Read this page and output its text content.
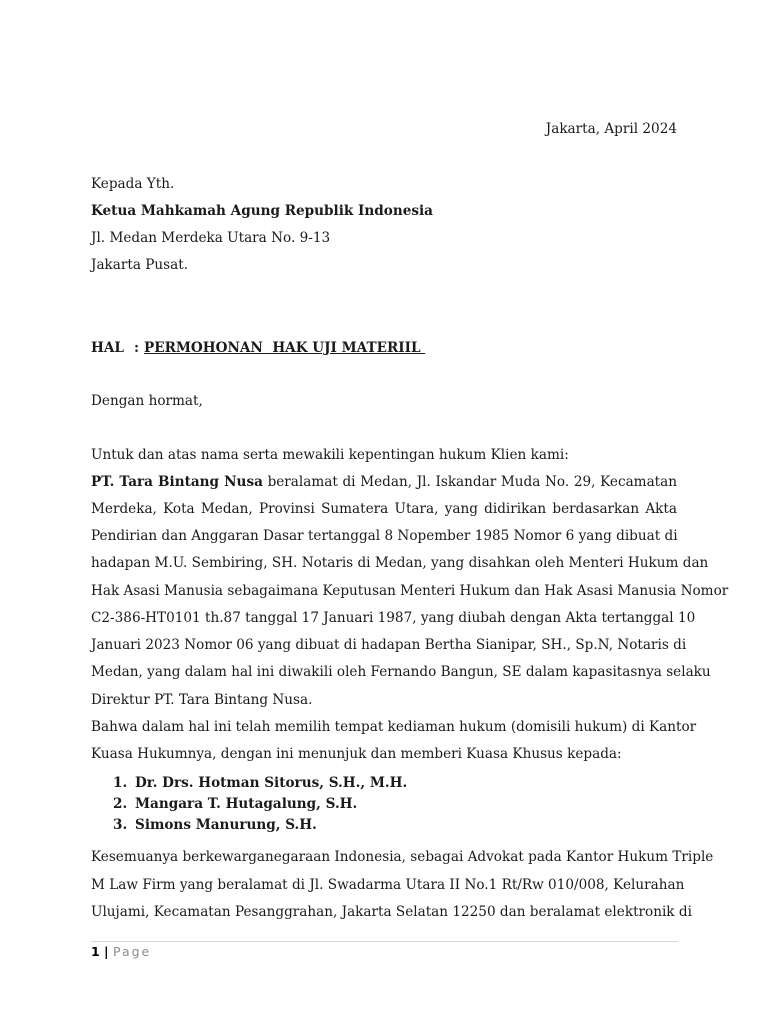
Jakarta, April 2024
Kepada Yth.
Ketua Mahkamah Agung Republik Indonesia
Jl. Medan Merdeka Utara No. 9-13
Jakarta Pusat.
HAL : PERMOHONAN  HAK UJI MATERIIL
Dengan hormat,
Untuk dan atas nama serta mewakili kepentingan hukum Klien kami:
PT. Tara Bintang Nusa beralamat di Medan, Jl. Iskandar Muda No. 29, Kecamatan
Merdeka, Kota Medan, Provinsi Sumatera Utara, yang didirikan berdasarkan Akta
Pendirian dan Anggaran Dasar tertanggal 8 Nopember 1985 Nomor 6 yang dibuat di
hadapan M.U. Sembiring, SH. Notaris di Medan, yang disahkan oleh Menteri Hukum dan
Hak Asasi Manusia sebagaimana Keputusan Menteri Hukum dan Hak Asasi Manusia Nomor
C2-386-HT0101 th.87 tanggal 17 Januari 1987, yang diubah dengan Akta tertanggal 10
Januari 2023 Nomor 06 yang dibuat di hadapan Bertha Sianipar, SH., Sp.N, Notaris di
Medan, yang dalam hal ini diwakili oleh Fernando Bangun, SE dalam kapasitasnya selaku
Direktur PT. Tara Bintang Nusa.
Bahwa dalam hal ini telah memilih tempat kediaman hukum (domisili hukum) di Kantor
Kuasa Hukumnya, dengan ini menunjuk dan memberi Kuasa Khusus kepada:
1. Dr. Drs. Hotman Sitorus, S.H., M.H.
2. Mangara T. Hutagalung, S.H.
3. Simons Manurung, S.H.
Kesemuanya berkewarganegaraan Indonesia, sebagai Advokat pada Kantor Hukum Triple
M Law Firm yang beralamat di Jl. Swadarma Utara II No.1 Rt/Rw 010/008, Kelurahan
Ulujami, Kecamatan Pesanggrahan, Jakarta Selatan 12250 dan beralamat elektronik di
1 | Page
